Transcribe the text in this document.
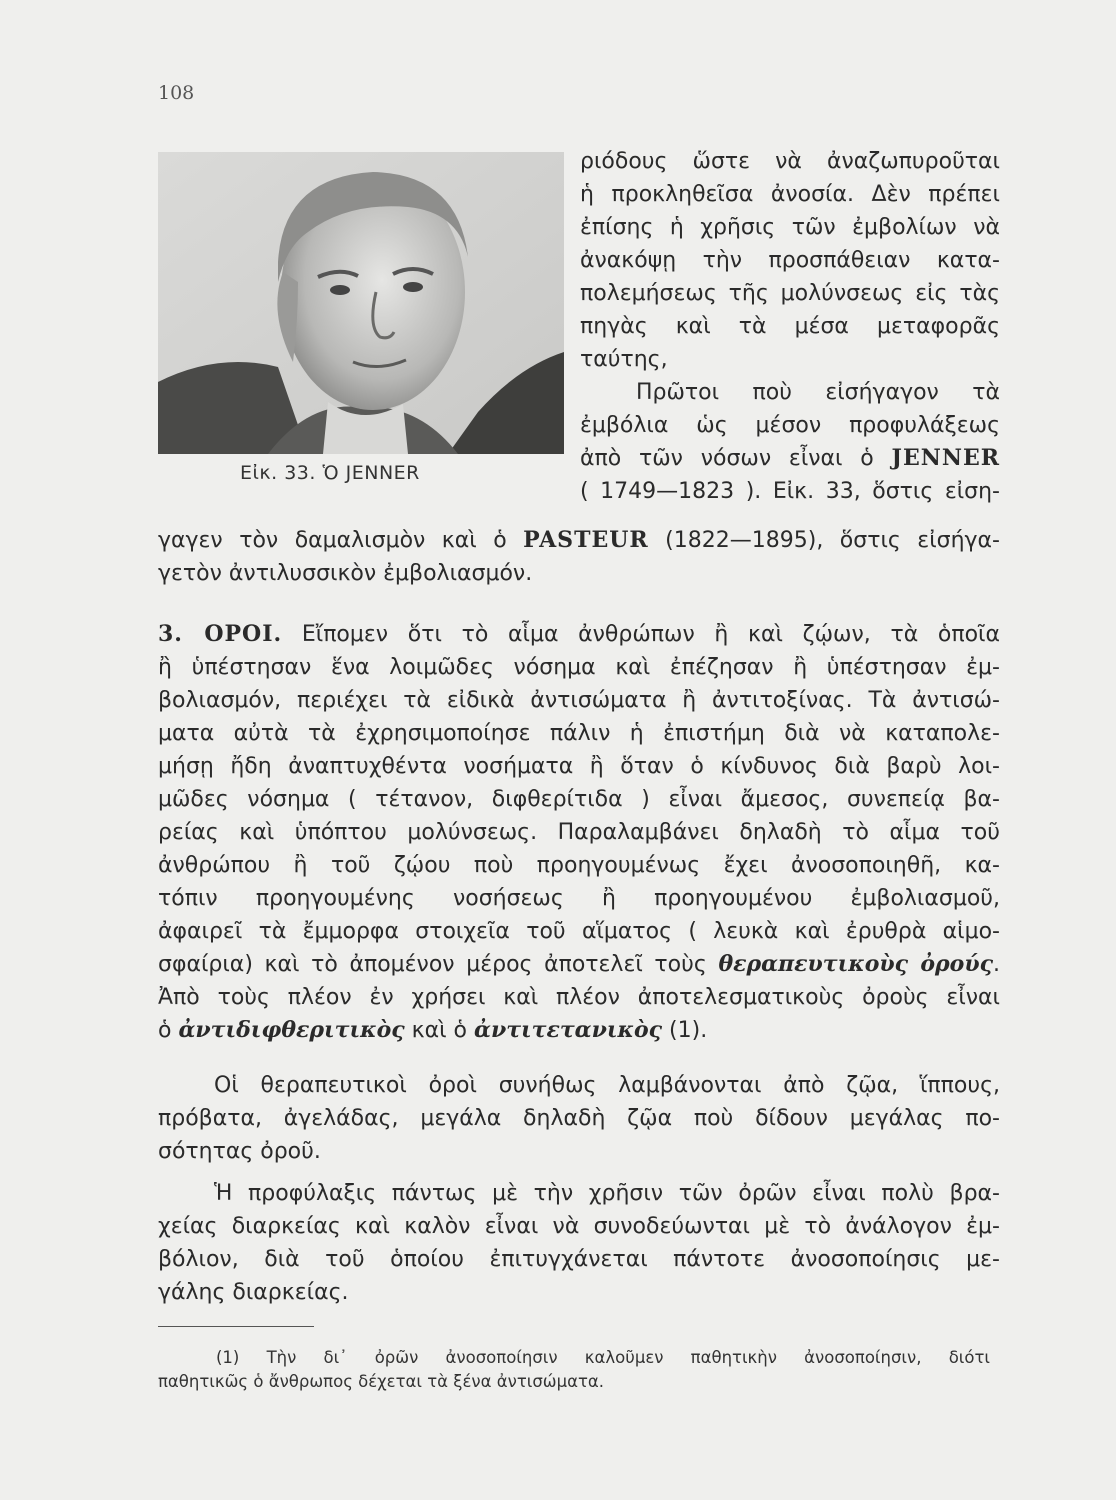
108
Εἰκ. 33. Ὁ JENNER

ριόδους ὥστε νὰ ἀναζωπυροῦται

ἡ προκληθεῖσα ἀνοσία. Δὲν πρέπει

ἐπίσης ἡ χρῆσις τῶν ἐμβολίων νὰ

ἀνακόψῃ τὴν προσπάθειαν κατα-

πολεμήσεως τῆς μολύνσεως εἰς τὰς

πηγὰς καὶ τὰ μέσα μεταφορᾶς

ταύτης,

Πρῶτοι ποὺ εἰσήγαγον τὰ

ἐμβόλια ὡς μέσον προφυλάξεως

ἀπὸ τῶν νόσων εἶναι ὁ JENNER

( 1749—1823 ). Εἰκ. 33, ὅστις εἰση-

γαγεν τὸν δαμαλισμὸν καὶ ὁ PASTEUR (1822—1895), ὅστις εἰσήγα-

γετὸν ἀντιλυσσικὸν ἐμβολιασμόν.

3. ΟΡΟΙ. Εἴπομεν ὅτι τὸ αἷμα ἀνθρώπων ἢ καὶ ζῴων, τὰ ὁποῖα

ἢ ὑπέστησαν ἕνα λοιμῶδες νόσημα καὶ ἐπέζησαν ἢ ὑπέστησαν ἐμ-

βολιασμόν, περιέχει τὰ εἰδικὰ ἀντισώματα ἢ ἀντιτοξίνας. Τὰ ἀντισώ-

ματα αὐτὰ τὰ ἐχρησιμοποίησε πάλιν ἡ ἐπιστήμη διὰ νὰ καταπολε-

μήσῃ ἤδη ἀναπτυχθέντα νοσήματα ἢ ὅταν ὁ κίνδυνος διὰ βαρὺ λοι-

μῶδες νόσημα ( τέτανον, διφθερίτιδα ) εἶναι ἄμεσος, συνεπείᾳ βα-

ρείας καὶ ὑπόπτου μολύνσεως. Παραλαμβάνει δηλαδὴ τὸ αἷμα τοῦ

ἀνθρώπου ἢ τοῦ ζῴου ποὺ προηγουμένως ἔχει ἀνοσοποιηθῆ, κα-

τόπιν προηγουμένης νοσήσεως ἢ προηγουμένου ἐμβολιασμοῦ,

ἀφαιρεῖ τὰ ἔμμορφα στοιχεῖα τοῦ αἵματος ( λευκὰ καὶ ἐρυθρὰ αἱμο-

σφαίρια) καὶ τὸ ἀπομένον μέρος ἀποτελεῖ τοὺς θεραπευτικοὺς ὀρούς.

Ἀπὸ τοὺς πλέον ἐν χρήσει καὶ πλέον ἀποτελεσματικοὺς ὀροὺς εἶναι

ὁ ἀντιδιφθεριτικὸς καὶ ὁ ἀντιτετανικὸς (1).

Οἱ θεραπευτικοὶ ὀροὶ συνήθως λαμβάνονται ἀπὸ ζῷα, ἵππους,

πρόβατα, ἀγελάδας, μεγάλα δηλαδὴ ζῷα ποὺ δίδουν μεγάλας πο-

σότητας ὀροῦ.

Ἡ προφύλαξις πάντως μὲ τὴν χρῆσιν τῶν ὀρῶν εἶναι πολὺ βρα-

χείας διαρκείας καὶ καλὸν εἶναι νὰ συνοδεύωνται μὲ τὸ ἀνάλογον ἐμ-

βόλιον, διὰ τοῦ ὁποίου ἐπιτυγχάνεται πάντοτε ἀνοσοποίησις με-

γάλης διαρκείας.

(1) Τὴν δι᾽ ὀρῶν ἀνοσοποίησιν καλοῦμεν παθητικὴν ἀνοσοποίησιν, διότι

παθητικῶς ὁ ἄνθρωπος δέχεται τὰ ξένα ἀντισώματα.
